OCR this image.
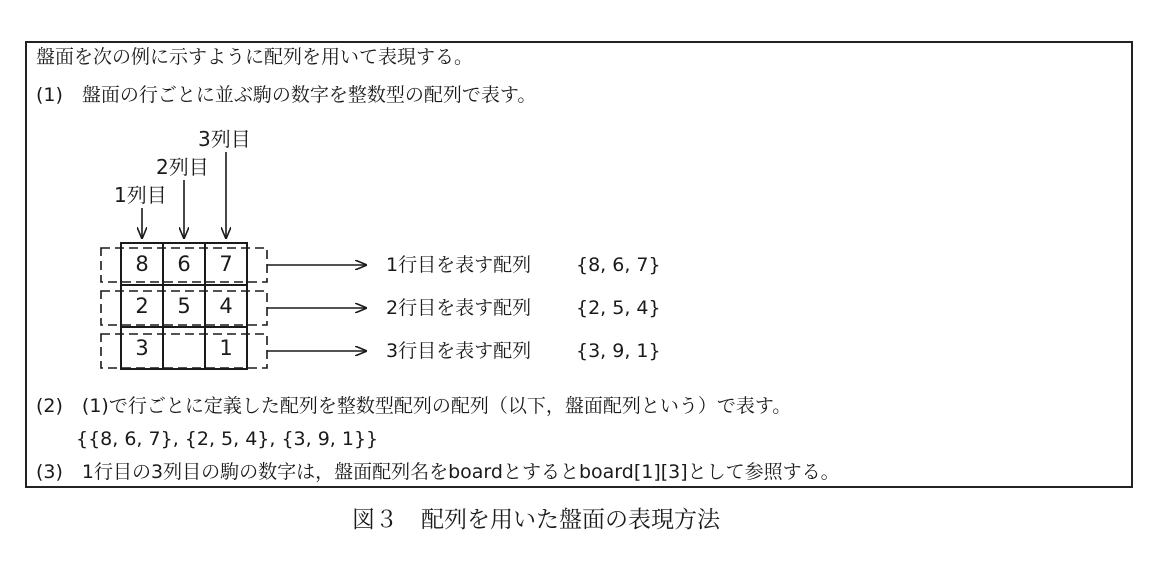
盤面を次の例に示すように配列を用いて表現する。
(1)　盤面の行ごとに並ぶ駒の数字を整数型の配列で表す。
1列目
2列目
3列目
8 6 7
2 5 4
3	1
1行目を表す配列 {8, 6, 7}
2行目を表す配列 {2, 5, 4}
3行目を表す配列 {3, 9, 1}
(2)　(1)で行ごとに定義した配列を整数型配列の配列（以下，盤面配列という）で表す。
{{8, 6, 7}, {2, 5, 4}, {3, 9, 1}}
(3)　1行目の3列目の駒の数字は，盤面配列名をboardとするとboard[1][3]として参照する。
図３　配列を用いた盤面の表現方法
